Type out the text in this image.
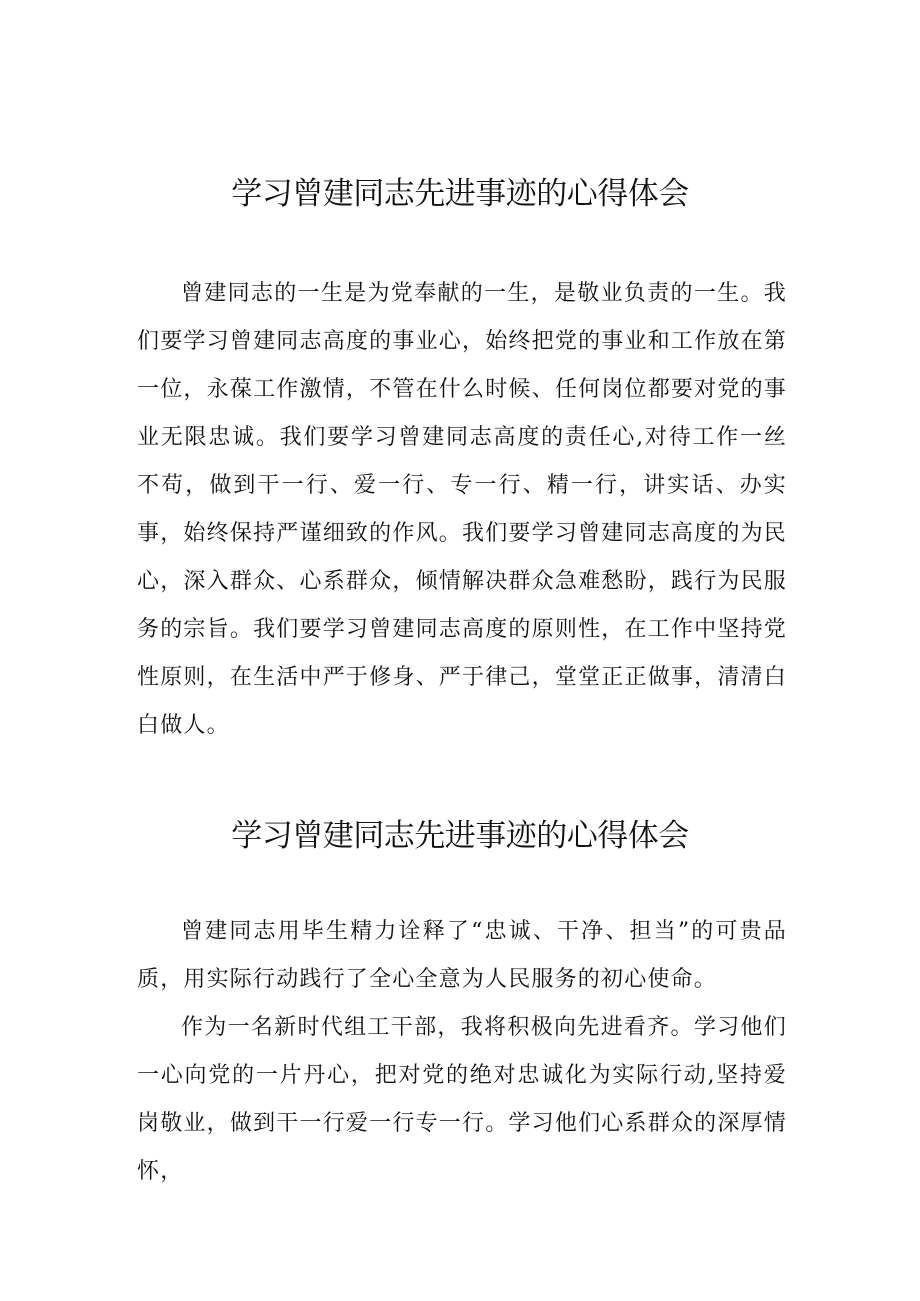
学习曾建同志先进事迹的心得体会

曾建同志的一生是为党奉献的一生，是敬业负责的一生。我们要学习曾建同志高度的事业心，始终把党的事业和工作放在第一位，永葆工作激情，不管在什么时候、任何岗位都要对党的事业无限忠诚。我们要学习曾建同志高度的责任心,对待工作一丝不苟，做到干一行、爱一行、专一行、精一行，讲实话、办实事，始终保持严谨细致的作风。我们要学习曾建同志高度的为民心，深入群众、心系群众，倾情解决群众急难愁盼，践行为民服务的宗旨。我们要学习曾建同志高度的原则性，在工作中坚持党性原则，在生活中严于修身、严于律己，堂堂正正做事，清清白白做人。

学习曾建同志先进事迹的心得体会

曾建同志用毕生精力诠释了“忠诚、干净、担当”的可贵品质，用实际行动践行了全心全意为人民服务的初心使命。

作为一名新时代组工干部，我将积极向先进看齐。学习他们一心向党的一片丹心，把对党的绝对忠诚化为实际行动,坚持爱岗敬业，做到干一行爱一行专一行。学习他们心系群众的深厚情怀，
